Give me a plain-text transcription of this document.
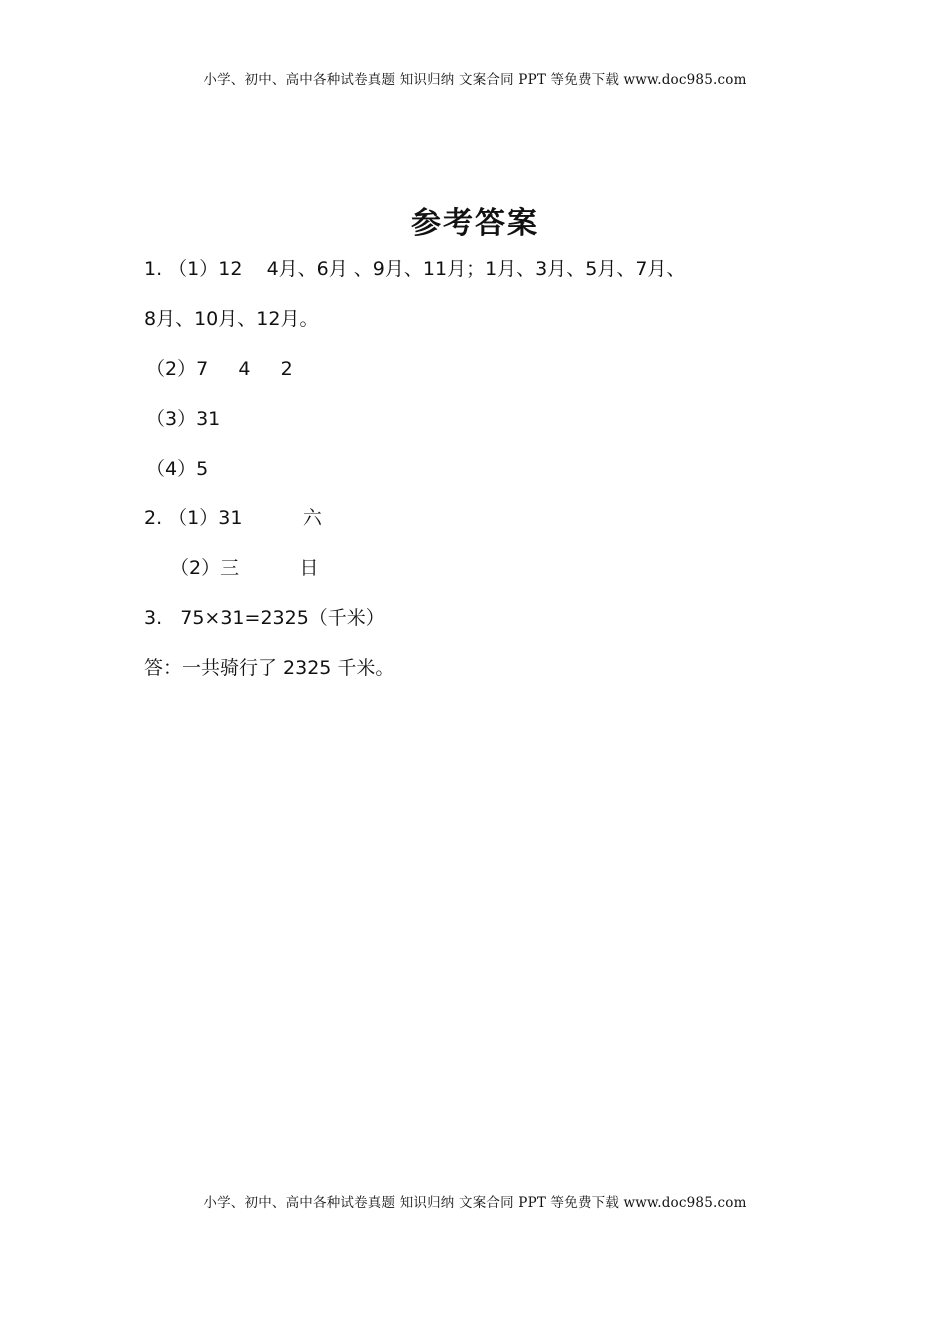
小学、初中、高中各种试卷真题 知识归纳 文案合同 PPT 等免费下载 www.doc985.com
参考答案
1. （1）12    4月、6月 、9月、11月；1月、3月、5月、7月、
8月、10月、12月。
（2）7     4     2
（3）31
（4）5
2. （1）31          六
（2）三          日
3.   75×31=2325（千米）
答：一共骑行了 2325 千米。
小学、初中、高中各种试卷真题 知识归纳 文案合同 PPT 等免费下载 www.doc985.com
